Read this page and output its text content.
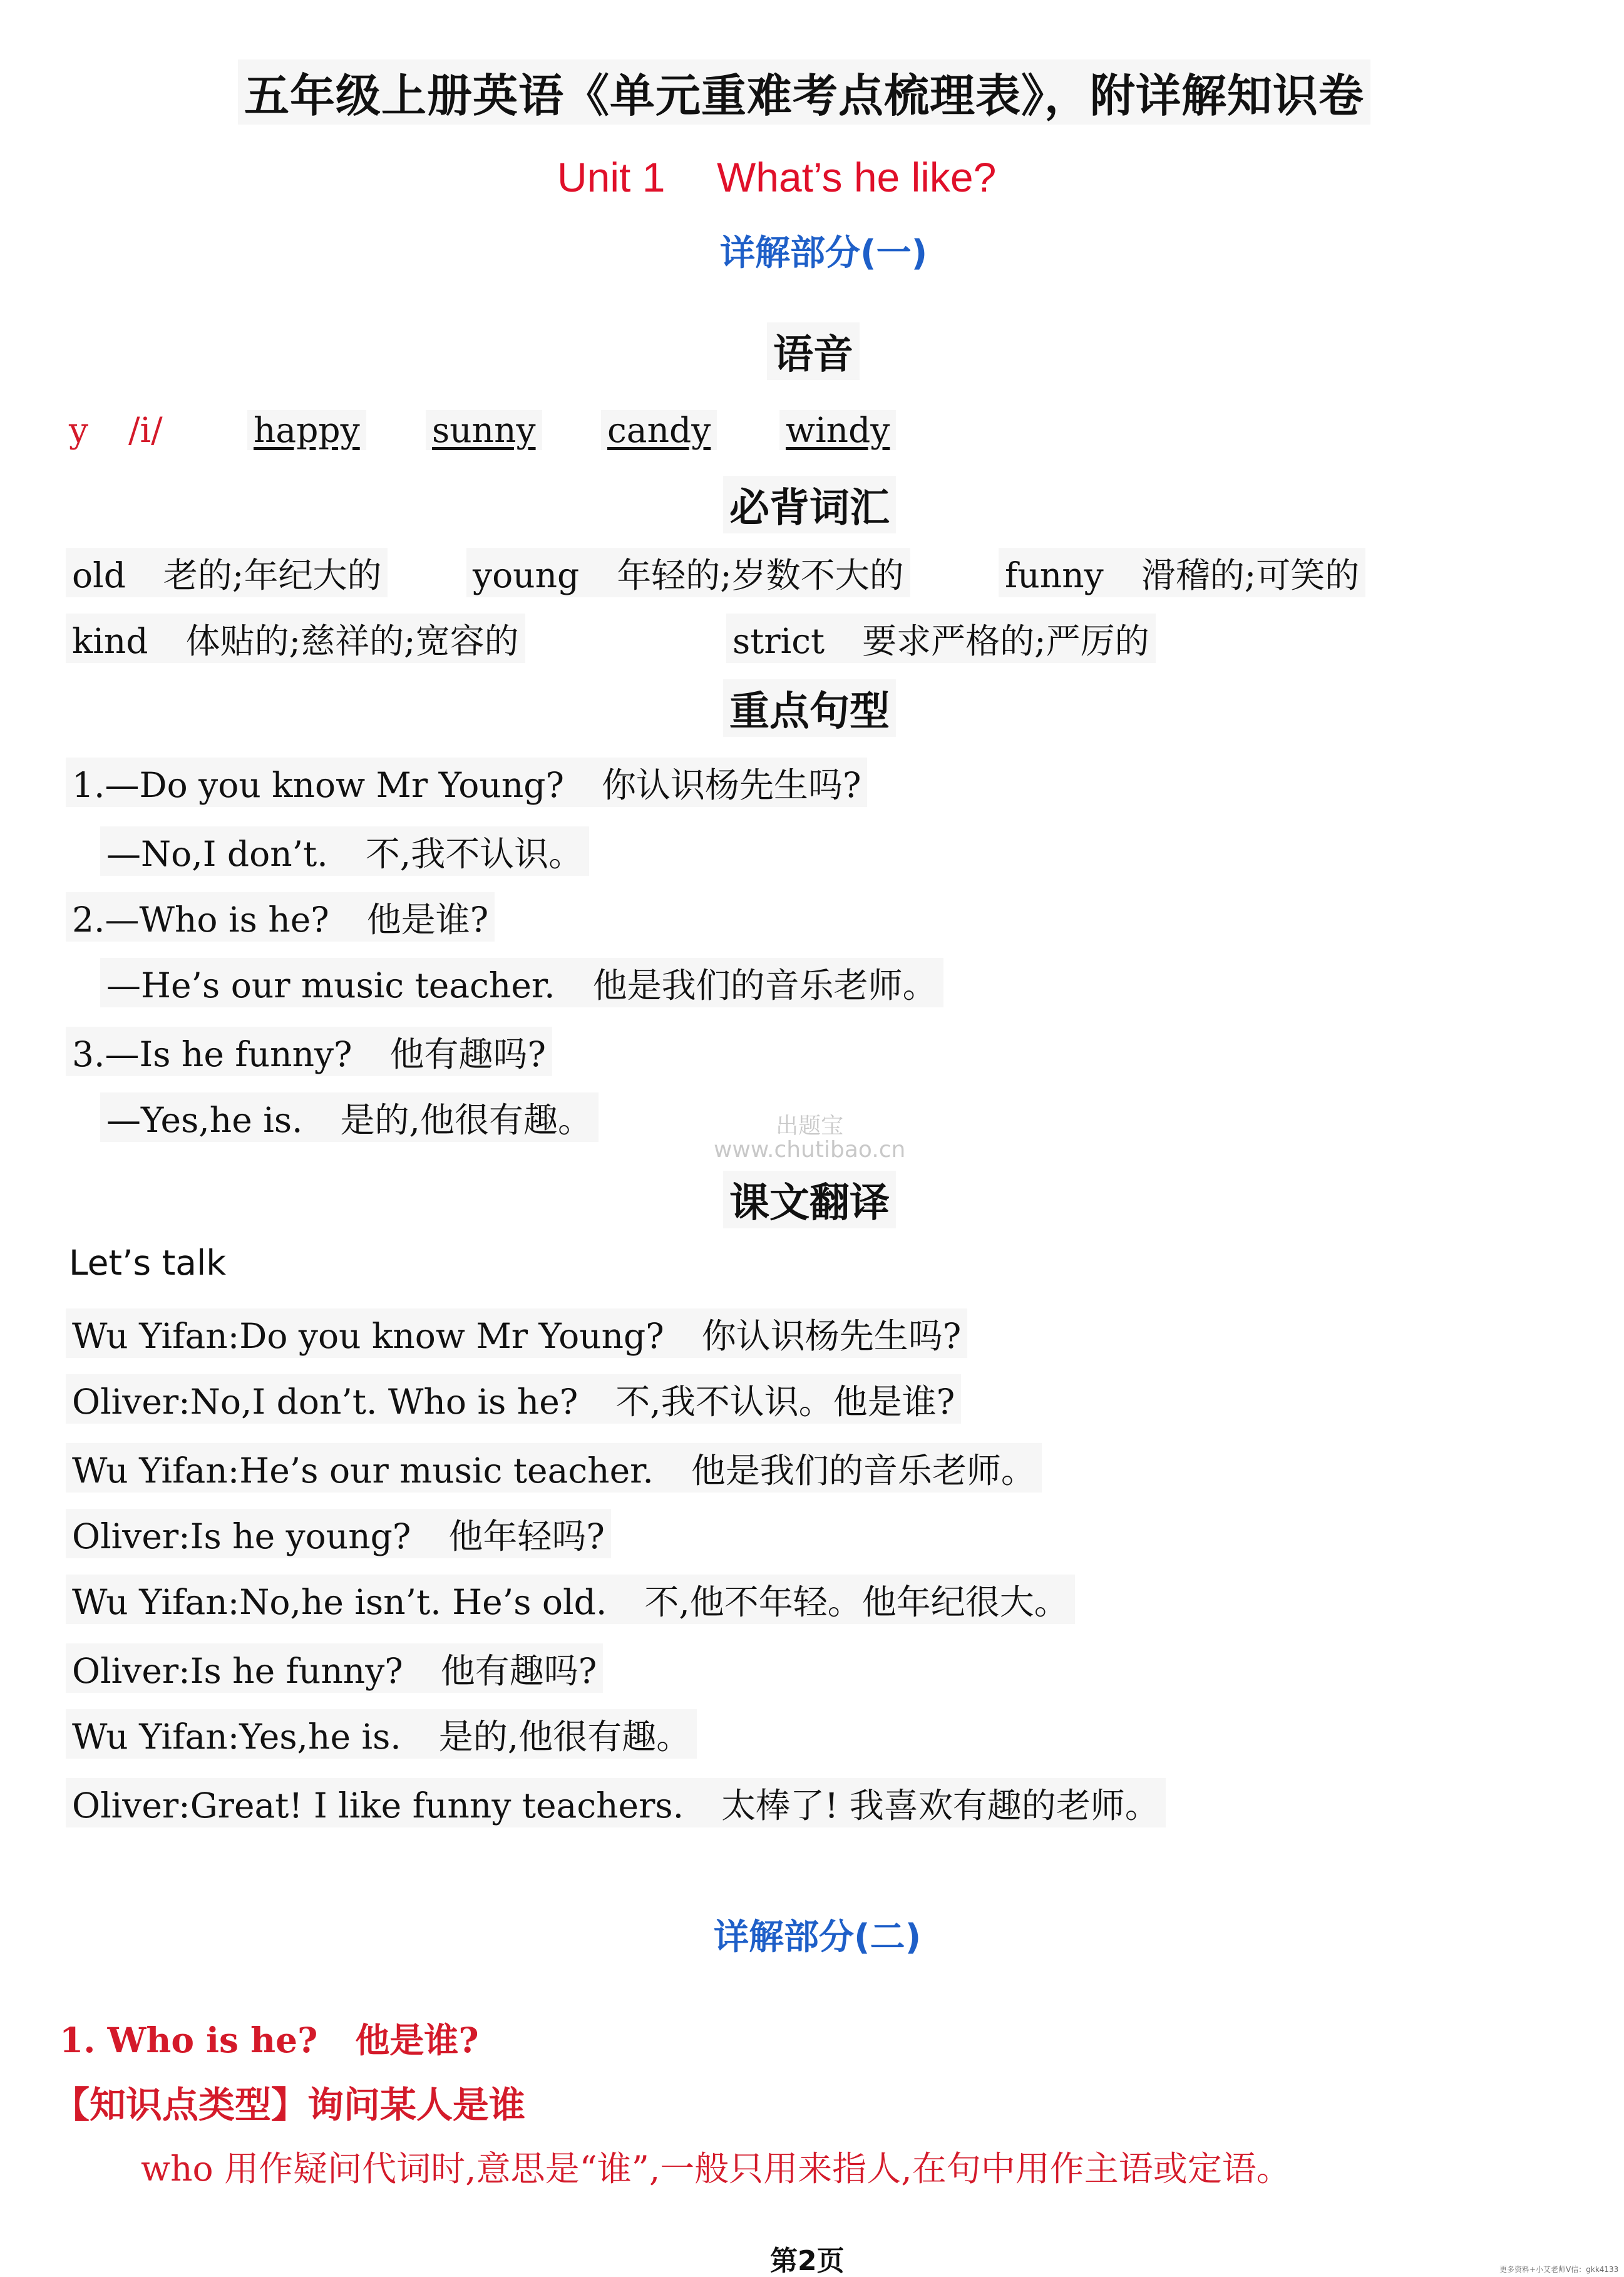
五年级上册英语《单元重难考点梳理表》，附详解知识卷
Unit 1 What’s he like?
详解部分(一)
语音
y /i/	happy sunny candy windy
必背词汇
old 老的;年纪大的	young 年轻的;岁数不大的	funny 滑稽的;可笑的
kind 体贴的;慈祥的;宽容的	strict 要求严格的;严厉的
重点句型
1.—Do you know Mr Young? 你认识杨先生吗?
—No,I don’t. 不,我不认识。
2.—Who is he? 他是谁?
—He’s our music teacher. 他是我们的音乐老师。
3.—Is he funny? 他有趣吗?
—Yes,he is. 是的,他很有趣。	出题宝
www.chutibao.cn
课文翻译
Let’s talk
Wu Yifan:Do you know Mr Young? 你认识杨先生吗?
Oliver:No,I don’t. Who is he? 不,我不认识。他是谁?
Wu Yifan:He’s our music teacher. 他是我们的音乐老师。
Oliver:Is he young? 他年轻吗?
Wu Yifan:No,he isn’t. He’s old. 不,他不年轻。他年纪很大。
Oliver:Is he funny? 他有趣吗?
Wu Yifan:Yes,he is. 是的,他很有趣。
Oliver:Great! I like funny teachers. 太棒了! 我喜欢有趣的老师。
详解部分(二)
1. Who is he? 他是谁?
【知识点类型】询问某人是谁
who 用作疑问代词时,意思是“谁”,一般只用来指人,在句中用作主语或定语。
第2页	更多资料+小艾老师V信：gkk4133
